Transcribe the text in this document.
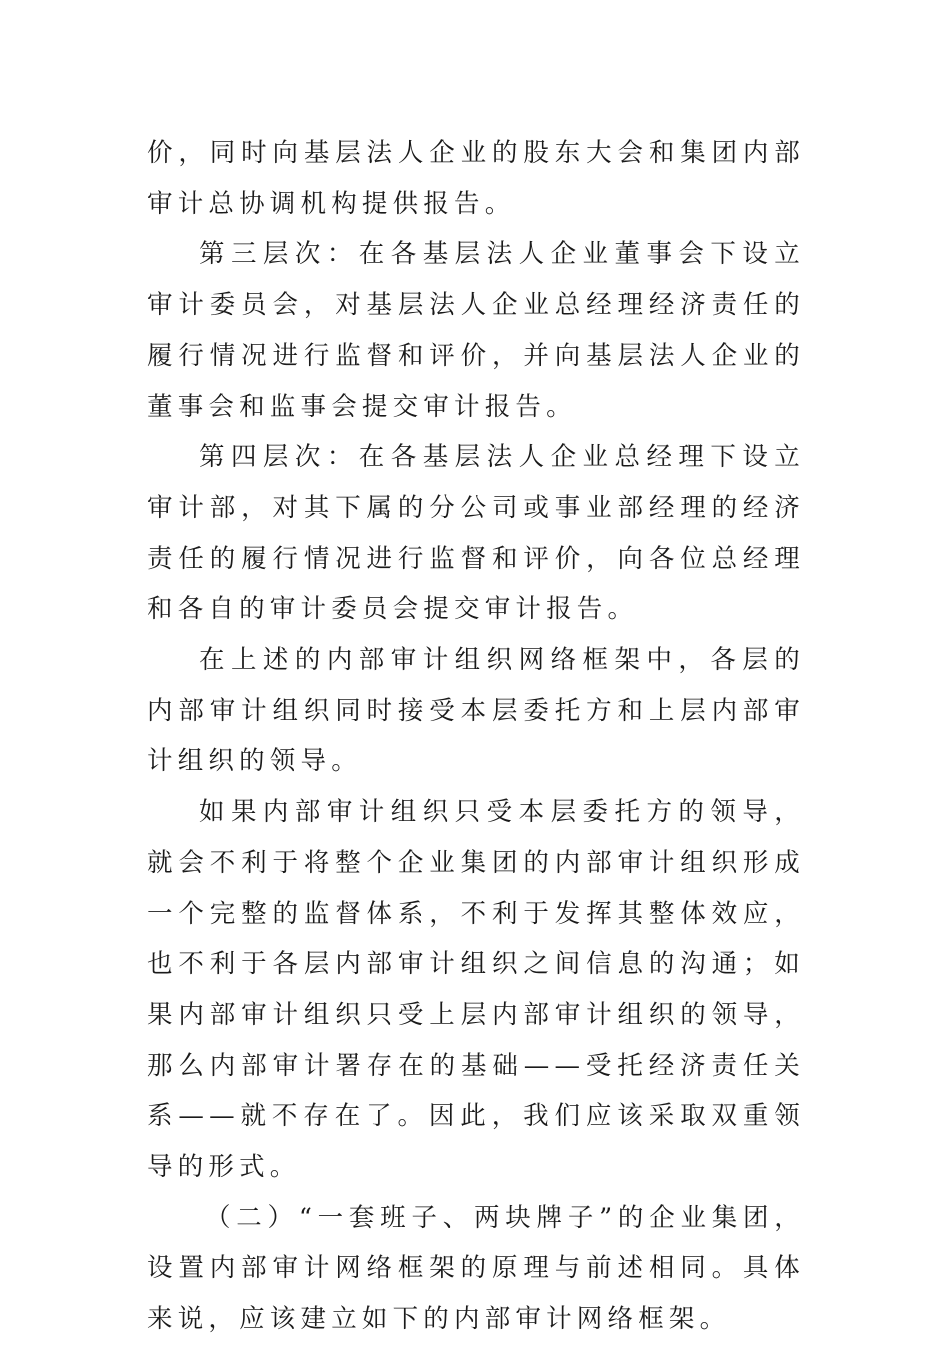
价，同时向基层法人企业的股东大会和集团内部审计总协调机构提供报告。

第三层次：在各基层法人企业董事会下设立审计委员会，对基层法人企业总经理经济责任的履行情况进行监督和评价，并向基层法人企业的董事会和监事会提交审计报告。

第四层次：在各基层法人企业总经理下设立审计部，对其下属的分公司或事业部经理的经济责任的履行情况进行监督和评价，向各位总经理和各自的审计委员会提交审计报告。

在上述的内部审计组织网络框架中，各层的内部审计组织同时接受本层委托方和上层内部审计组织的领导。

如果内部审计组织只受本层委托方的领导，就会不利于将整个企业集团的内部审计组织形成一个完整的监督体系，不利于发挥其整体效应，也不利于各层内部审计组织之间信息的沟通；如果内部审计组织只受上层内部审计组织的领导，那么内部审计署存在的基础——受托经济责任关系——就不存在了。因此，我们应该采取双重领导的形式。

（二）“一套班子、两块牌子”的企业集团，设置内部审计网络框架的原理与前述相同。具体来说，应该建立如下的内部审计网络框架。
